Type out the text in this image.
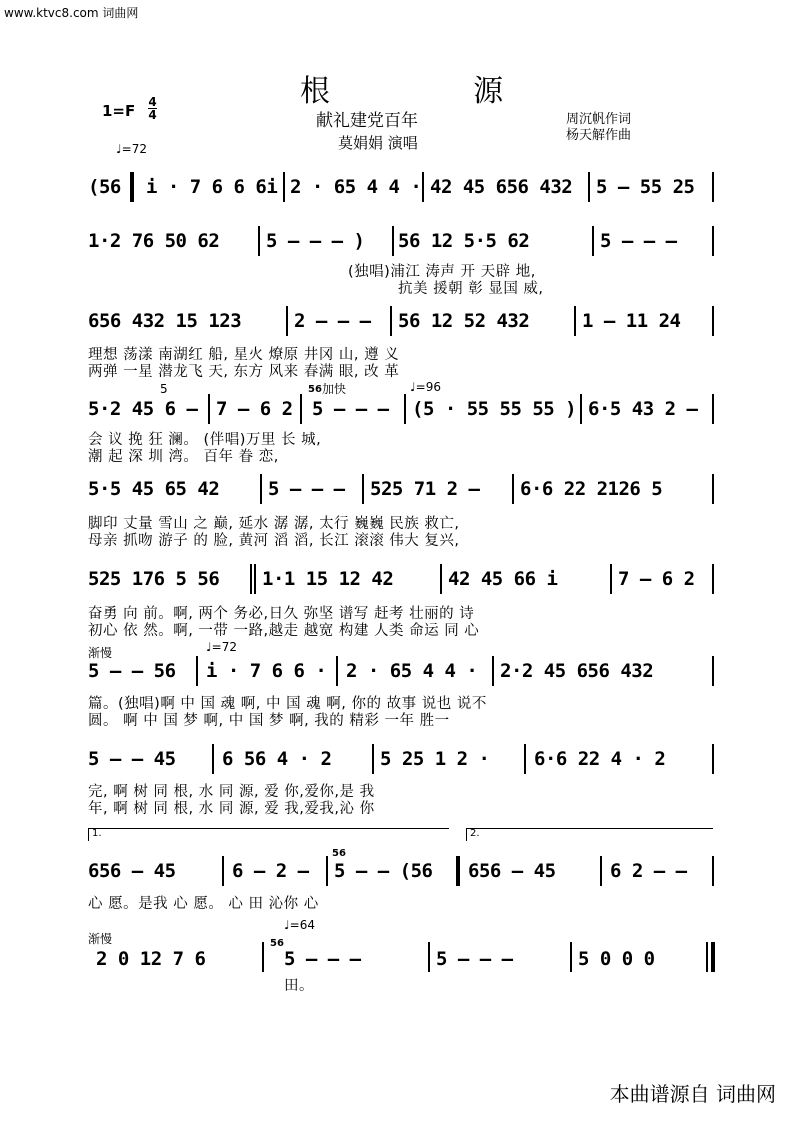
www.ktvc8.com 词曲网
根	源
献礼建党百年
莫娟娟 演唱
1=F 4
4
♩=72
周沉帆作词
杨天解作曲
(56 i · 7 6 6 6i 2 · 65 4 4 · 42 45 656 432 5 – 55 25
1·2 76 50 62 5 – – – ) 56 12 5·5 62	5 – – –
(独唱)浦江 涛声 开 天辟 地,
抗美 援朝 彰 显国 威,
656 432 15 123	2 – – – 56 12 52 432	1 – 11 24
理想 荡漾 南湖红 船, 星火 燎原 井冈 山, 遵 义
两弹 一星 潜龙飞 天, 东方 风来 春满 眼, 改 革
5	56 加快	♩=96
5·2 45 6 – 7 – 6 2 5 – – – (5 · 55 55 55 ) 6·5 43 2 –
会 议 挽 狂 澜。 (伴唱)万里 长 城,
潮 起 深 圳 湾。 百年 眷 恋,
5·5 45 65 42	5 – – – 525 71 2 – 6·6 22 2126 5
脚印 丈量 雪山 之 巅, 延水 潺 潺, 太行 巍巍 民族 救亡,
母亲 抓吻 游子 的 脸, 黄河 滔 滔, 长江 滚滚 伟大 复兴,
525 176 5 56 1·1 15 12 42	42 45 66 i	7 – 6 2
奋勇 向 前。啊, 两个 务必,日久 弥坚 谱写 赶考 壮丽的 诗
初心 依 然。啊, 一带 一路,越走 越宽 构建 人类 命运 同 心
渐慢	♩=72
5 – – 56 i · 7 6 6 · 2 · 65 4 4 · 2·2 45 656 432
篇。(独唱)啊 中 国 魂 啊, 中 国 魂 啊, 你的 故事 说也 说不
圆。 啊 中 国 梦 啊, 中 国 梦 啊, 我的 精彩 一年 胜一
5 – – 45 6 56 4 · 2	5 25 1 2 · 6·6 22 4 · 2
完, 啊 树 同 根, 水 同 源, 爱 你,爱你,是 我
年, 啊 树 同 根, 水 同 源, 爱 我,爱我,沁 你
1.	2.
56
656 – 45	6 – 2 – 5 – – (56 656 – 45	6 2 – –
心 愿。是我 心 愿。 心 田 沁你 心
渐慢
♩=64
56
2 0 12 7 6	5 – – –	5 – – –	5 0 0 0
田。
本曲谱源自 词曲网
